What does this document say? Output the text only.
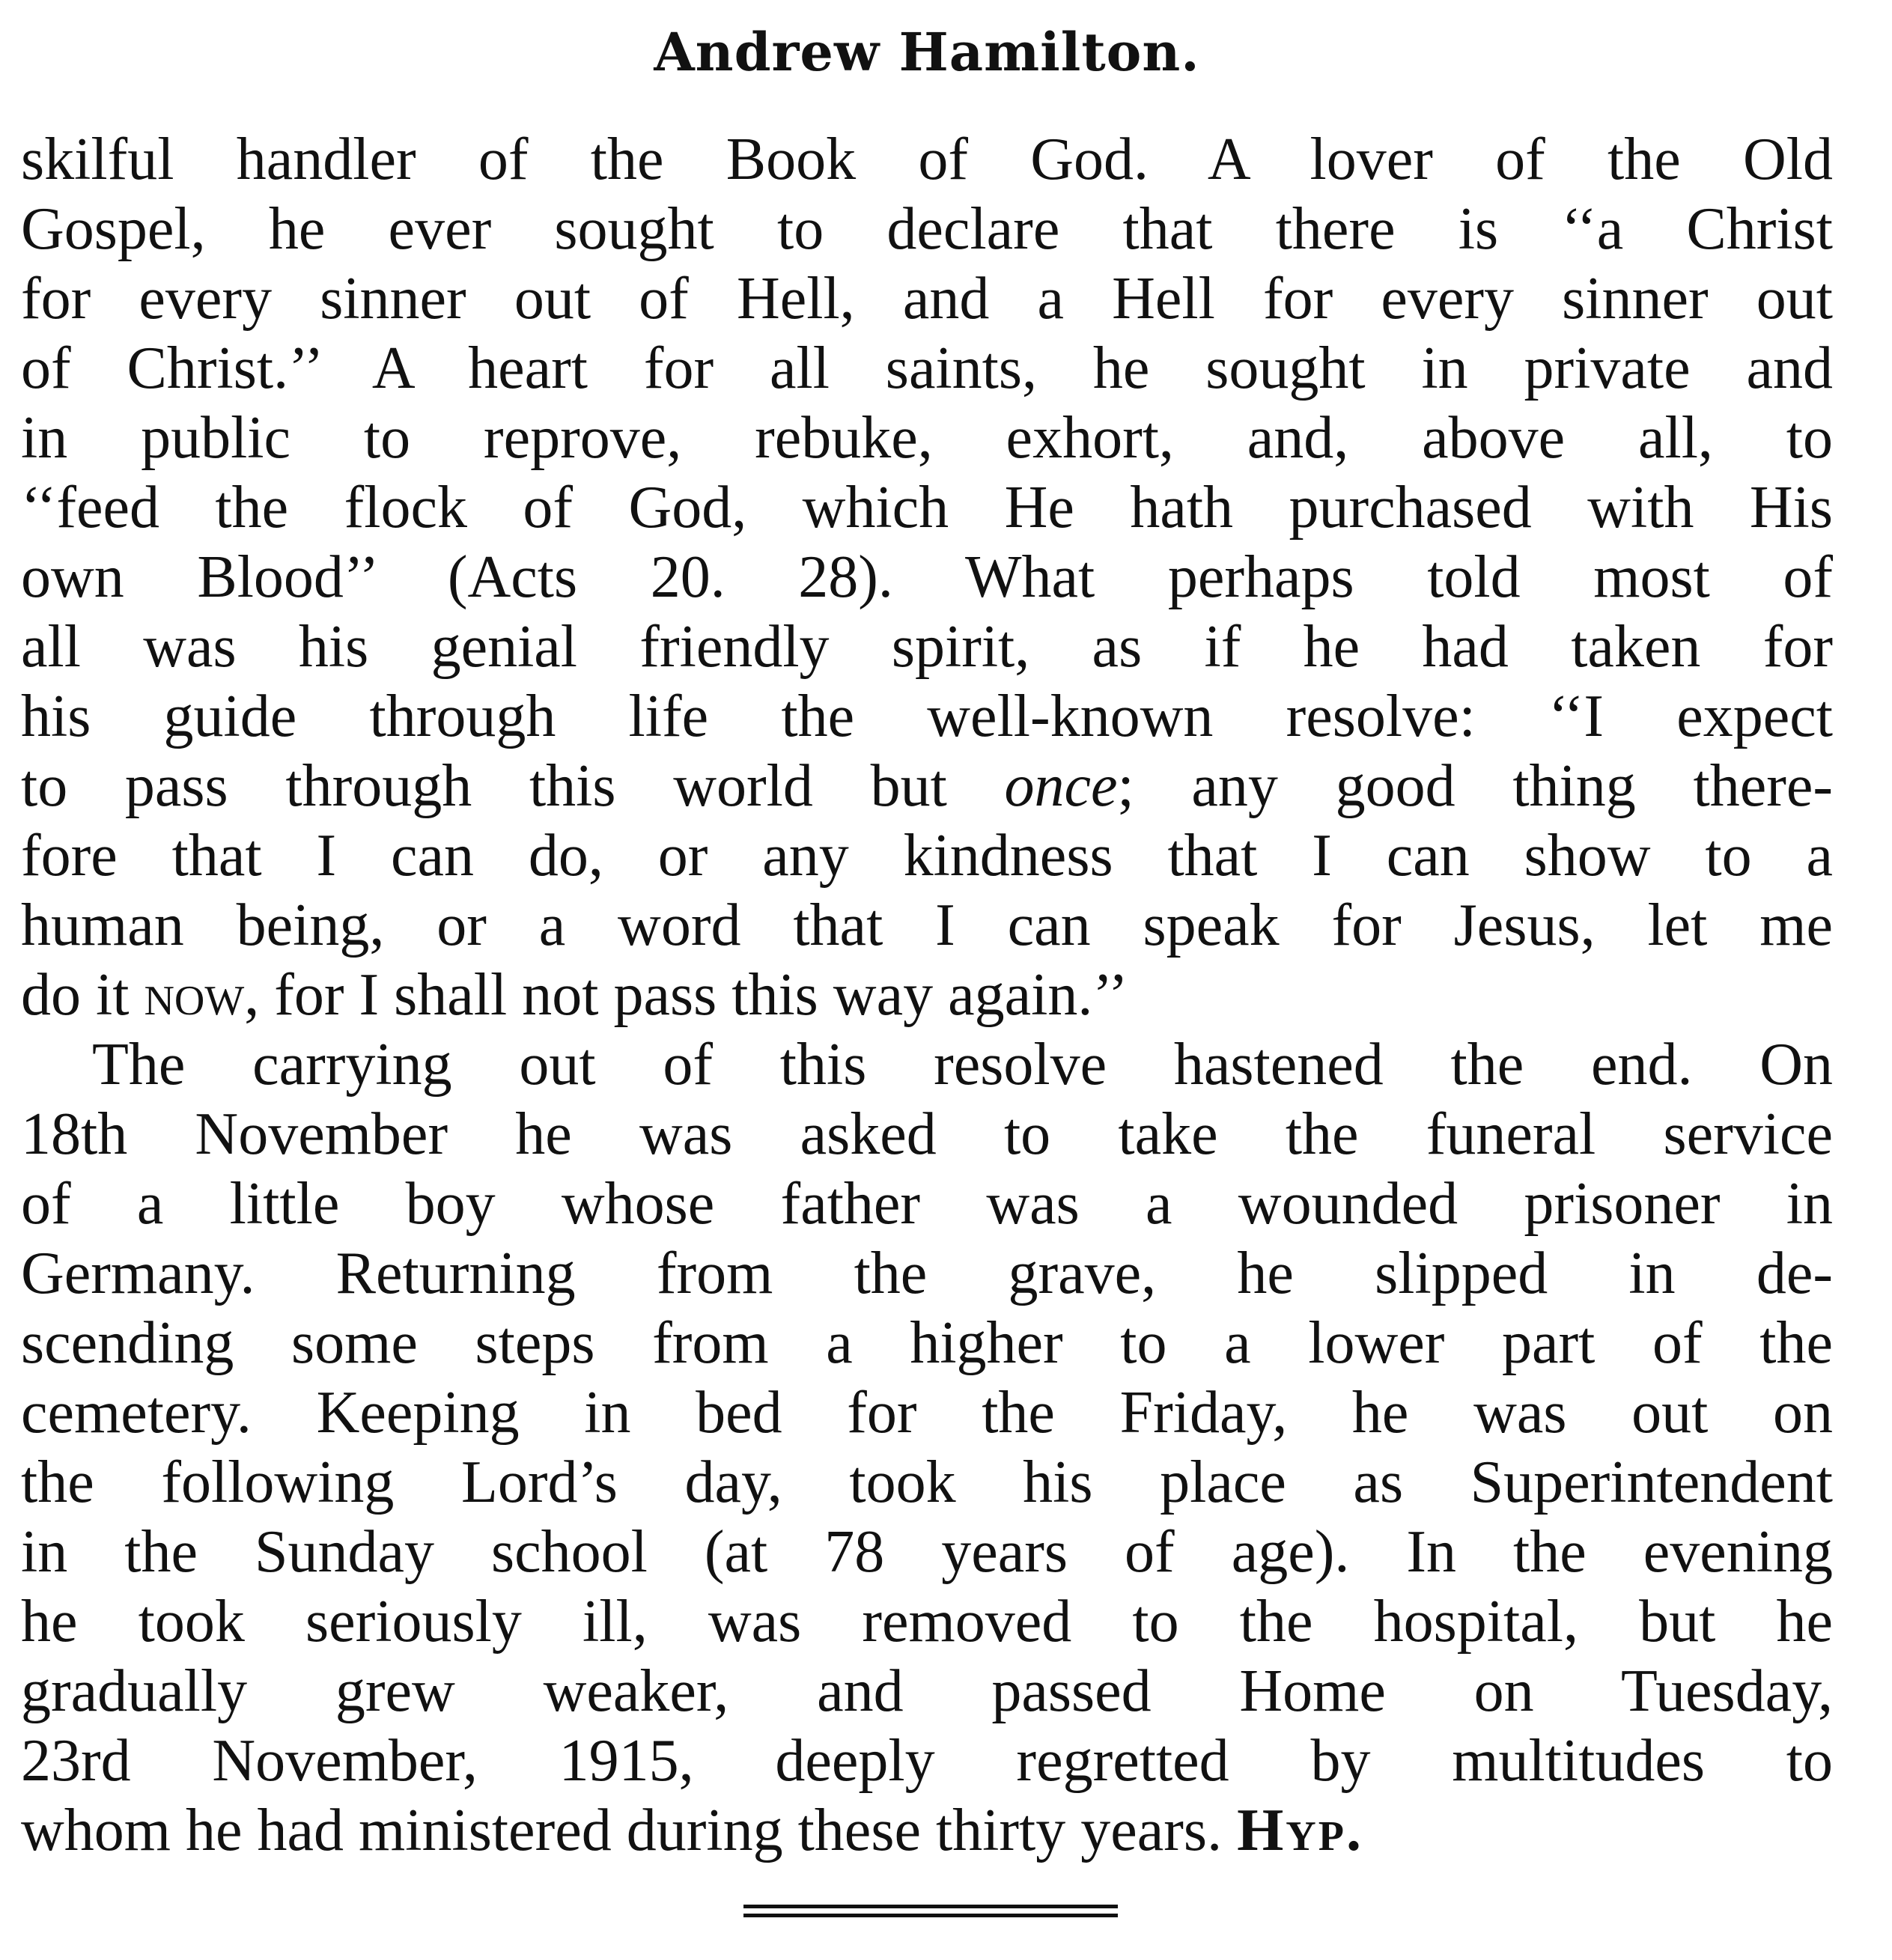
Andrew Hamilton.
skilful handler of the Book of God. A lover of the Old
Gospel, he ever sought to declare that there is ‘‘a Christ
for every sinner out of Hell, and a Hell for every sinner out
of Christ.’’ A heart for all saints, he sought in private and
in public to reprove, rebuke, exhort, and, above all, to
‘‘feed the flock of God, which He hath purchased with His
own Blood’’ (Acts 20. 28). What perhaps told most of
all was his genial friendly spirit, as if he had taken for
his guide through life the well-known resolve: ‘‘I expect
to pass through this world but once; any good thing there-
fore that I can do, or any kindness that I can show to a
human being, or a word that I can speak for Jesus, let me
do it now, for I shall not pass this way again.’’
The carrying out of this resolve hastened the end. On
18th November he was asked to take the funeral service
of a little boy whose father was a wounded prisoner in
Germany. Returning from the grave, he slipped in de-
scending some steps from a higher to a lower part of the
cemetery. Keeping in bed for the Friday, he was out on
the following Lord’s day, took his place as Superintendent
in the Sunday school (at 78 years of age). In the evening
he took seriously ill, was removed to the hospital, but he
gradually grew weaker, and passed Home on Tuesday,
23rd November, 1915, deeply regretted by multitudes to
whom he had ministered during these thirty years. Hyp.
